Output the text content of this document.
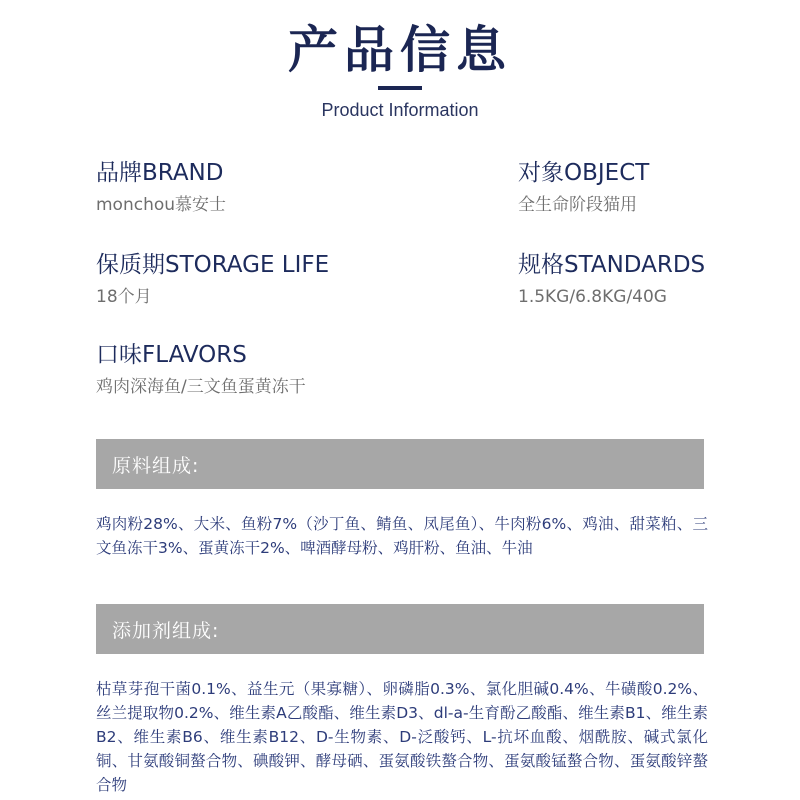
产品信息
Product Information
品牌BRAND
monchou慕安士
对象OBJECT
全生命阶段猫用
保质期STORAGE LIFE
18个月
规格STANDARDS
1.5KG/6.8KG/40G
口味FLAVORS
鸡肉深海鱼/三文鱼蛋黄冻干
原料组成:
鸡肉粉28%、大米、鱼粉7%（沙丁鱼、鲭鱼、凤尾鱼）、牛肉粉6%、鸡油、甜菜粕、三文鱼冻干3%、蛋黄冻干2%、啤酒酵母粉、鸡肝粉、鱼油、牛油
添加剂组成:
枯草芽孢干菌0.1%、益生元（果寡糖）、卵磷脂0.3%、氯化胆碱0.4%、牛磺酸0.2%、丝兰提取物0.2%、维生素A乙酸酯、维生素D3、dl-a-生育酚乙酸酯、维生素B1、维生素B2、维生素B6、维生素B12、D-生物素、D-泛酸钙、L-抗坏血酸、烟酰胺、碱式氯化铜、甘氨酸铜螯合物、碘酸钾、酵母硒、蛋氨酸铁螯合物、蛋氨酸锰螯合物、蛋氨酸锌螯合物
